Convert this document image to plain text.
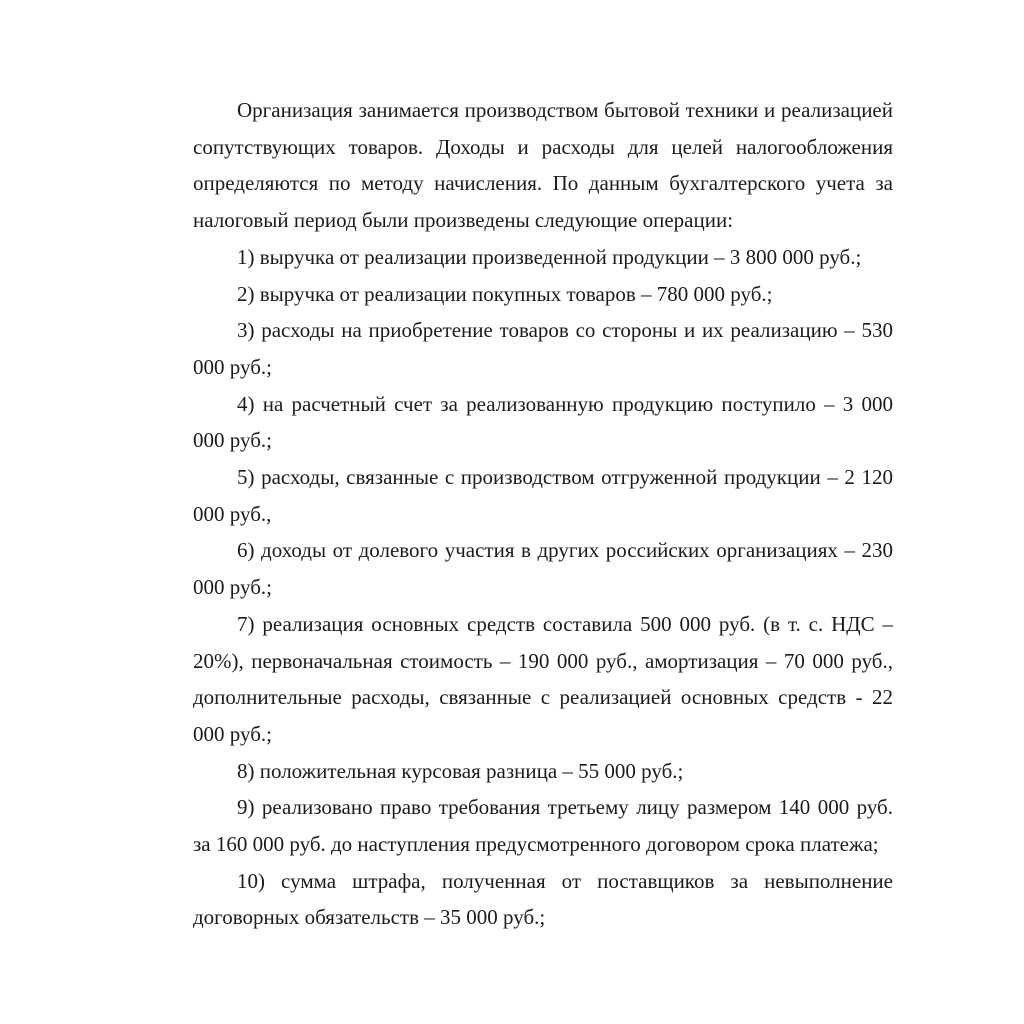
Организация занимается производством бытовой техники и реализацией сопутствующих товаров. Доходы и расходы для целей налогообложения определяются по методу начисления. По данным бухгалтерского учета за налоговый период были произведены следующие операции:

1) выручка от реализации произведенной продукции – 3 800 000 руб.;

2) выручка от реализации покупных товаров – 780 000 руб.;

3) расходы на приобретение товаров со стороны и их реализацию – 530 000 руб.;

4) на расчетный счет за реализованную продукцию поступило – 3 000 000 руб.;

5) расходы, связанные с производством отгруженной продукции – 2 120 000 руб.,

6) доходы от долевого участия в других российских организациях – 230 000 руб.;

7) реализация основных средств составила 500 000 руб. (в т. с. НДС – 20%), первоначальная стоимость – 190 000 руб., амортизация – 70 000 руб., дополнительные расходы, связанные с реализацией основных средств - 22 000 руб.;

8) положительная курсовая разница – 55 000 руб.;

9) реализовано право требования третьему лицу размером 140 000 руб. за 160 000 руб. до наступления предусмотренного договором срока платежа;

10) сумма штрафа, полученная от поставщиков за невыполнение договорных обязательств – 35 000 руб.;
